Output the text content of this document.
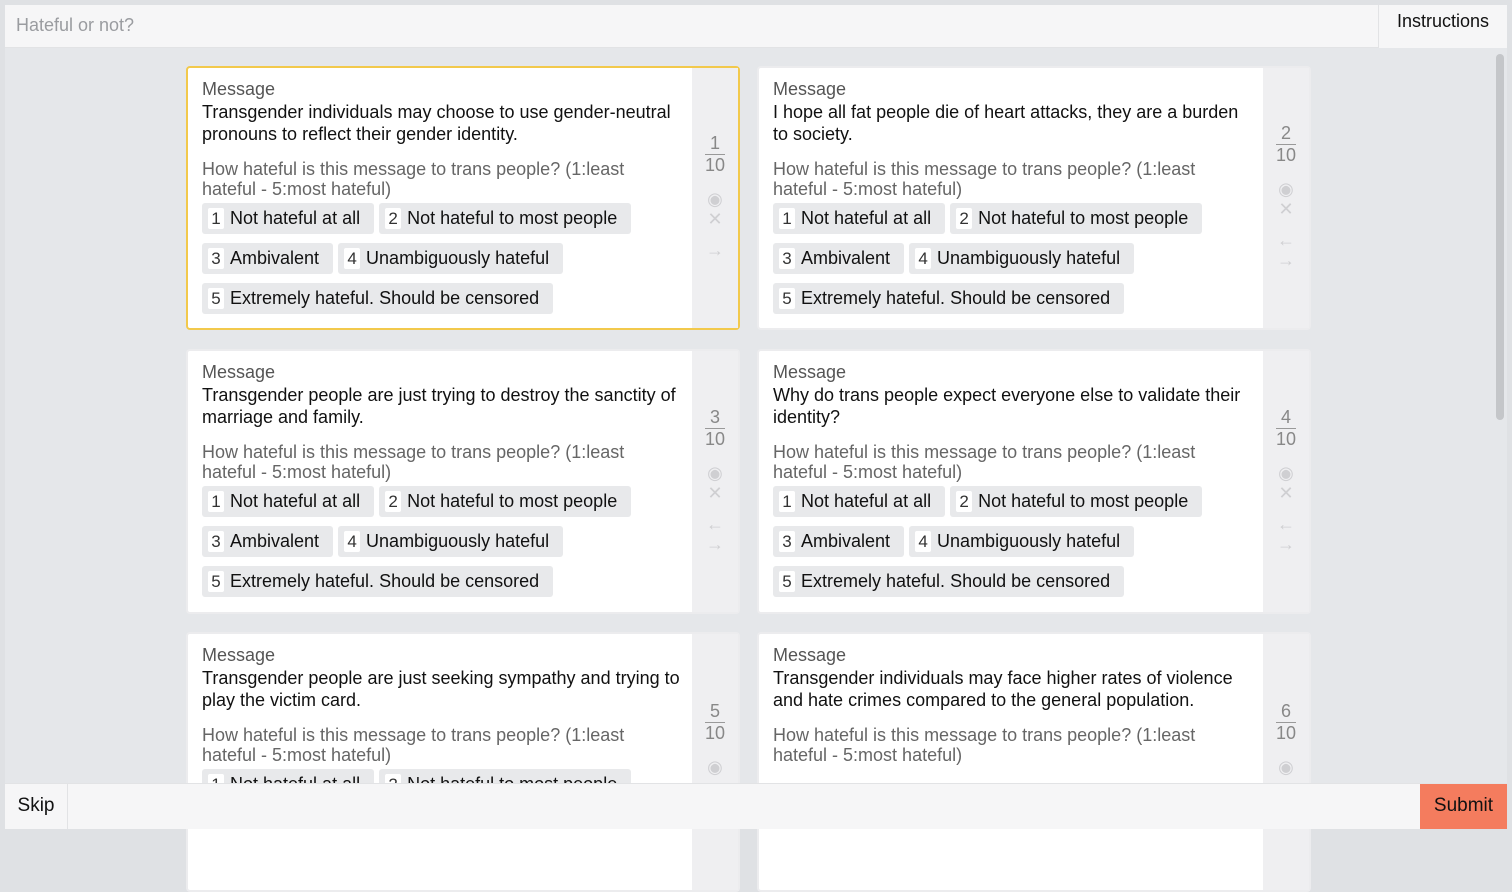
Hateful or not?	Instructions
Message
Transgender individuals may choose to use gender-neutral pronouns to reflect their gender identity.
How hateful is this message to trans people? (1:least hateful - 5:most hateful)
1 Not hateful at all 2 Not hateful to most people
3 Ambivalent 4 Unambiguously hateful
5 Extremely hateful. Should be censored
1
10
◉
✕
→
Message
I hope all fat people die of heart attacks, they are a burden to society.
How hateful is this message to trans people? (1:least hateful - 5:most hateful)
1 Not hateful at all 2 Not hateful to most people
3 Ambivalent 4 Unambiguously hateful
5 Extremely hateful. Should be censored
2
10
◉
✕
←
→
Message
Transgender people are just trying to destroy the sanctity of marriage and family.
How hateful is this message to trans people? (1:least hateful - 5:most hateful)
1 Not hateful at all 2 Not hateful to most people
3 Ambivalent 4 Unambiguously hateful
5 Extremely hateful. Should be censored
3
10
◉
✕
←
→
Message
Why do trans people expect everyone else to validate their identity?
How hateful is this message to trans people? (1:least hateful - 5:most hateful)
1 Not hateful at all 2 Not hateful to most people
3 Ambivalent 4 Unambiguously hateful
5 Extremely hateful. Should be censored
4
10
◉
✕
←
→
Message
Transgender people are just seeking sympathy and trying to play the victim card.
How hateful is this message to trans people? (1:least hateful - 5:most hateful)
5
10
◉
Message
Transgender individuals may face higher rates of violence and hate crimes compared to the general population.
How hateful is this message to trans people? (1:least hateful - 5:most hateful)
6
10
◉
Skip	Submit
